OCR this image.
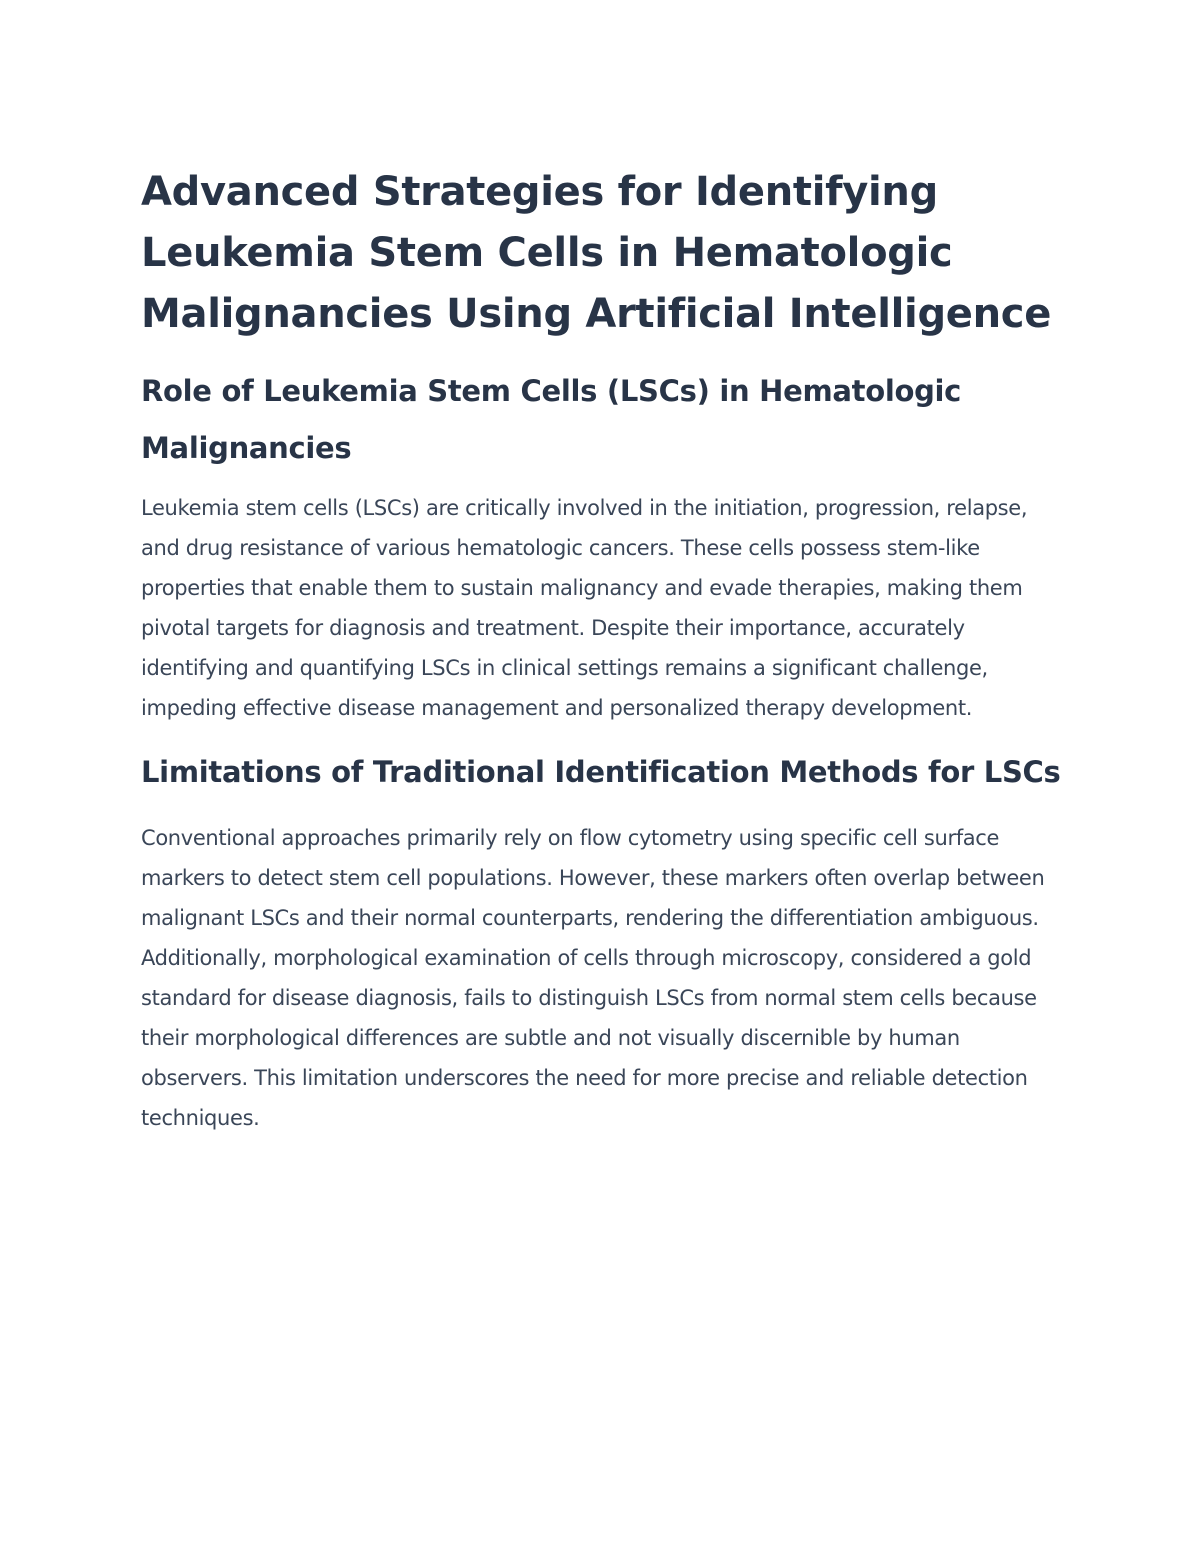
Advanced Strategies for Identifying Leukemia Stem Cells in Hematologic Malignancies Using Artificial Intelligence
Role of Leukemia Stem Cells (LSCs) in Hematologic Malignancies

Leukemia stem cells (LSCs) are critically involved in the initiation, progression, relapse, and drug resistance of various hematologic cancers. These cells possess stem-like properties that enable them to sustain malignancy and evade therapies, making them pivotal targets for diagnosis and treatment. Despite their importance, accurately identifying and quantifying LSCs in clinical settings remains a significant challenge, impeding effective disease management and personalized therapy development.

Limitations of Traditional Identification Methods for LSCs

Conventional approaches primarily rely on flow cytometry using specific cell surface markers to detect stem cell populations. However, these markers often overlap between malignant LSCs and their normal counterparts, rendering the differentiation ambiguous. Additionally, morphological examination of cells through microscopy, considered a gold standard for disease diagnosis, fails to distinguish LSCs from normal stem cells because their morphological differences are subtle and not visually discernible by human observers. This limitation underscores the need for more precise and reliable detection techniques.
